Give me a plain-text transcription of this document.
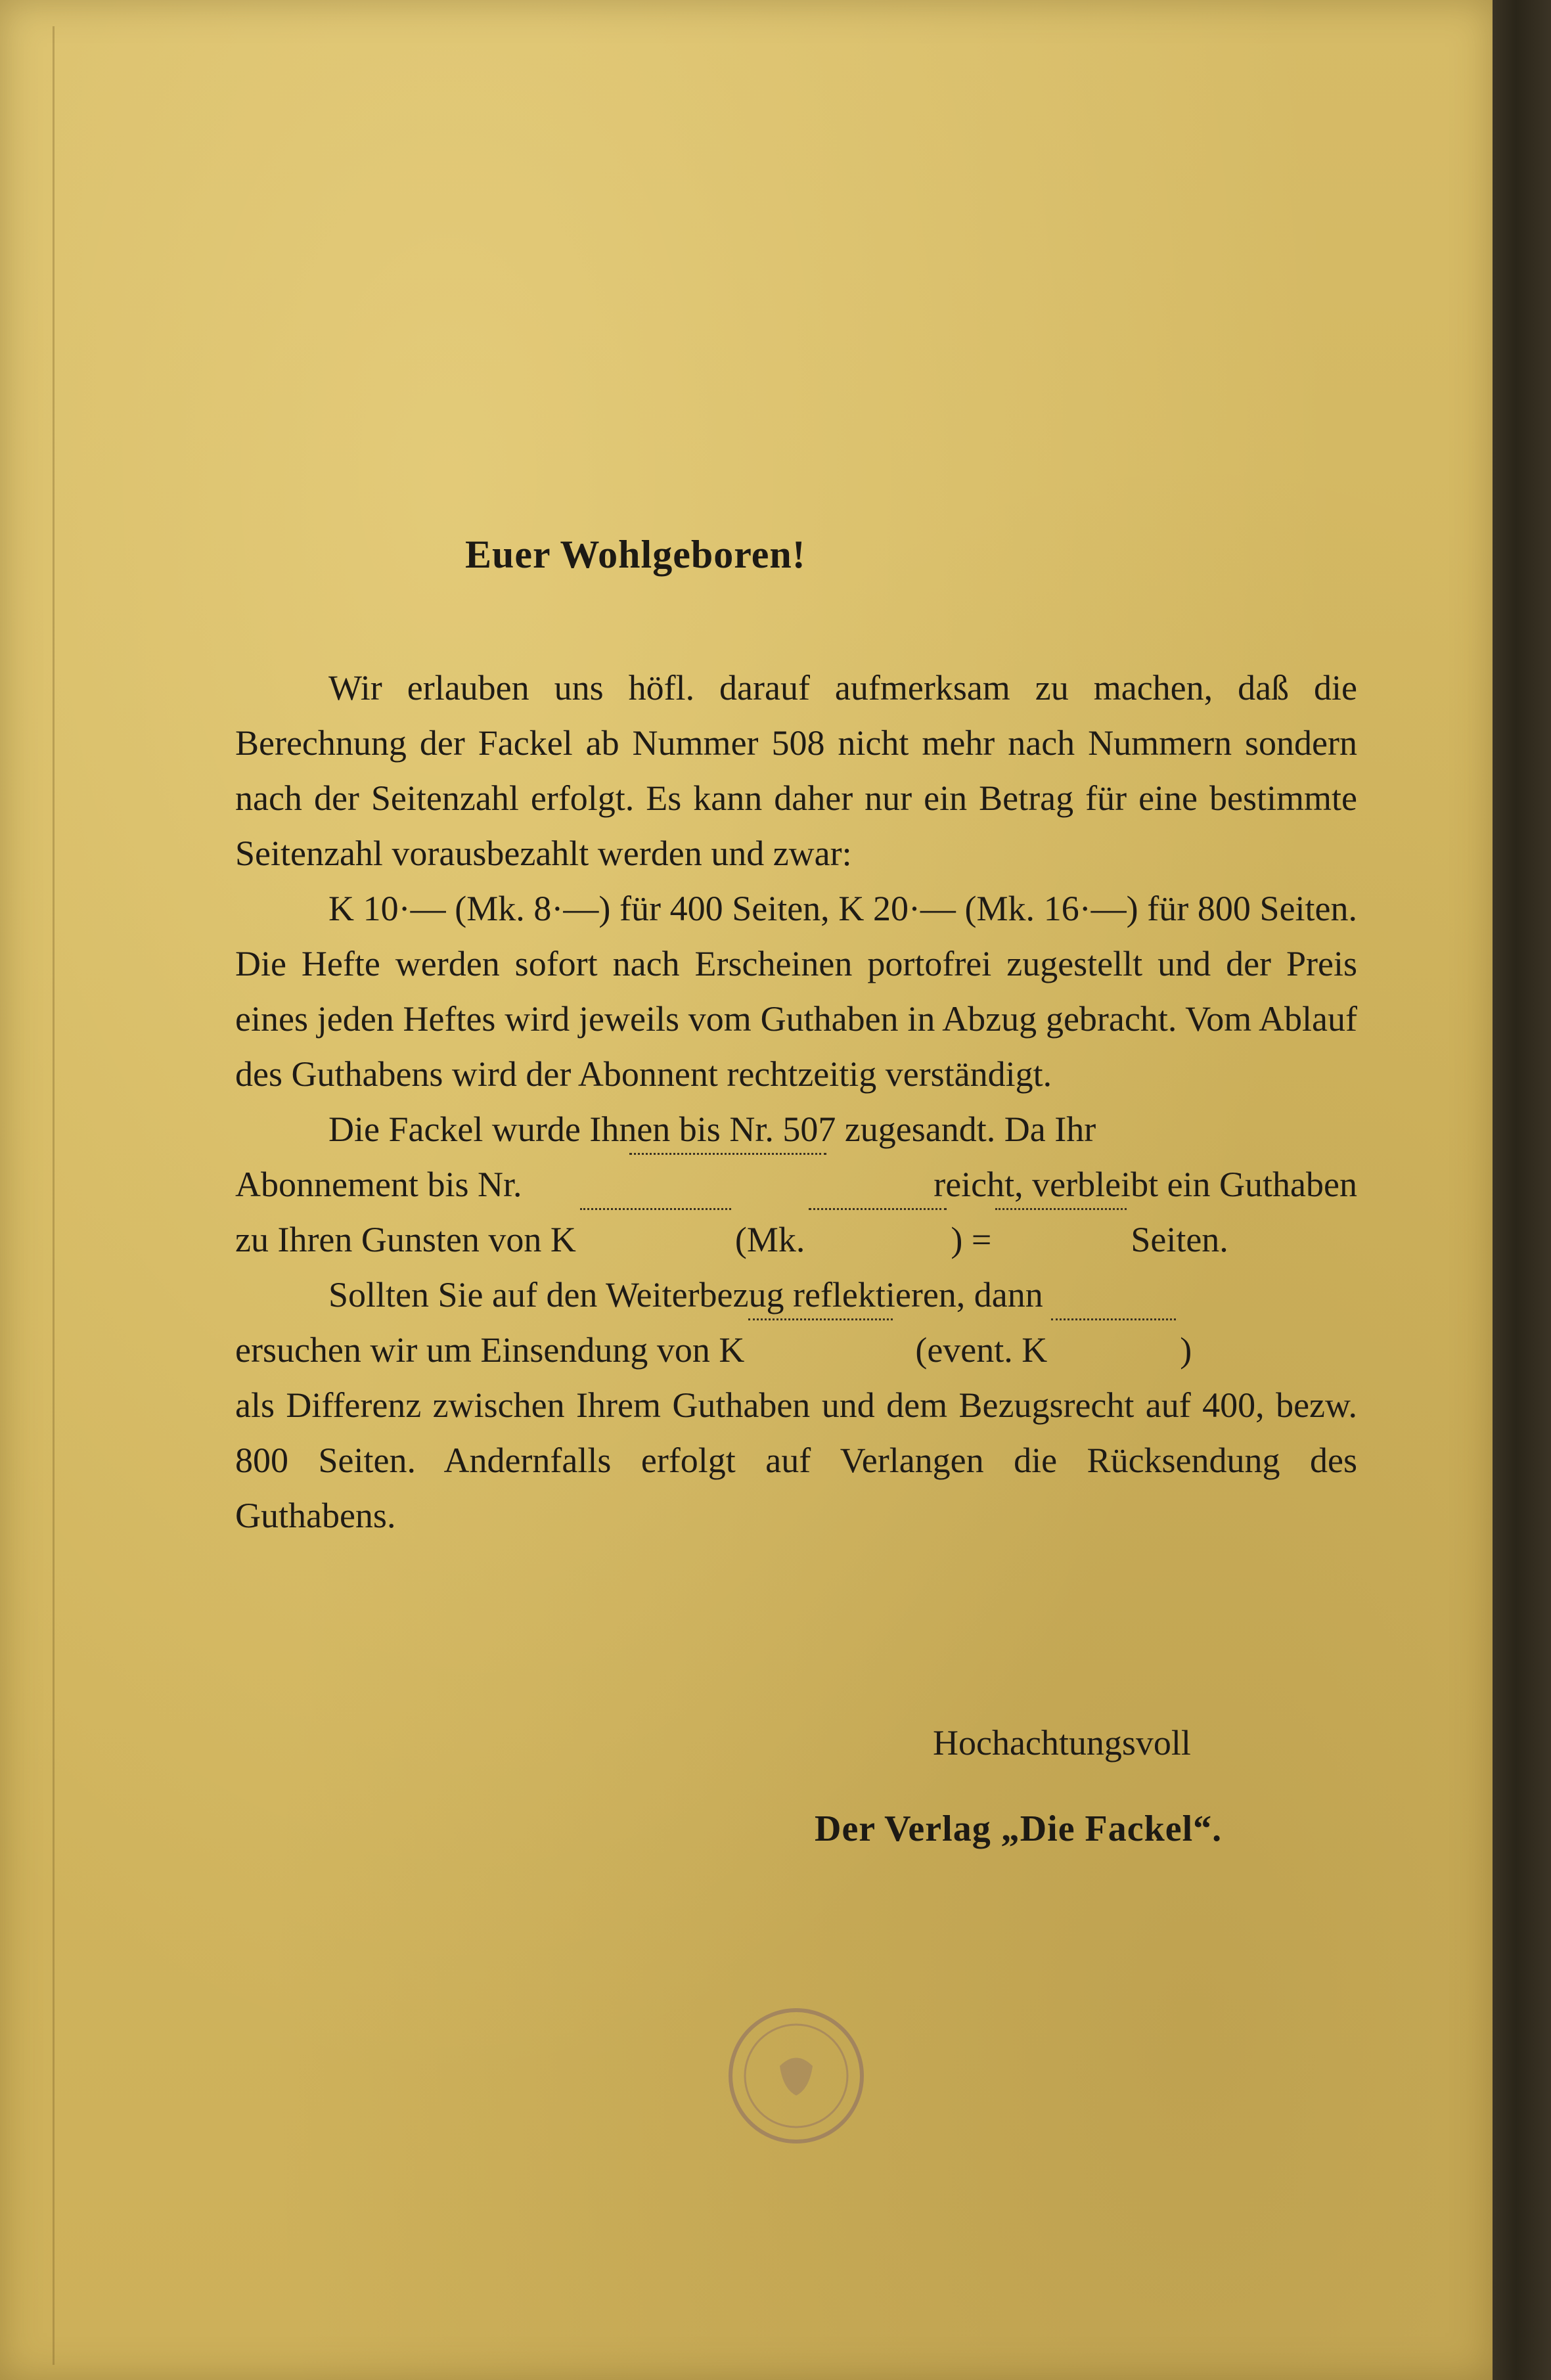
Euer Wohlgeboren!

Wir erlauben uns höfl. darauf aufmerksam zu machen, daß die Berechnung der Fackel ab Nummer 508 nicht mehr nach Nummern sondern nach der Seitenzahl erfolgt. Es kann daher nur ein Betrag für eine bestimmte Seitenzahl vorausbezahlt werden und zwar:

K 10·— (Mk. 8·—) für 400 Seiten, K 20·— (Mk. 16·—) für 800 Seiten. Die Hefte werden sofort nach Erscheinen portofrei zugestellt und der Preis eines jeden Heftes wird jeweils vom Guthaben in Abzug gebracht. Vom Ablauf des Guthabens wird der Abonnent rechtzeitig verständigt.

Die Fackel wurde Ihnen bis Nr. 507 zugesandt. Da Ihr
Abonnement bis Nr.	reicht, verbleibt ein Guthaben
zu Ihren Gunsten von K	(Mk.	) =	Seiten.
Sollten Sie auf den Weiterbezug reflektieren, dann
ersuchen wir um Einsendung von K	(event. K	)

als Differenz zwischen Ihrem Guthaben und dem Bezugsrecht auf 400, bezw. 800 Seiten. Andernfalls erfolgt auf Verlangen die Rücksendung des Guthabens.

Hochachtungsvoll
Der Verlag „Die Fackel“.
